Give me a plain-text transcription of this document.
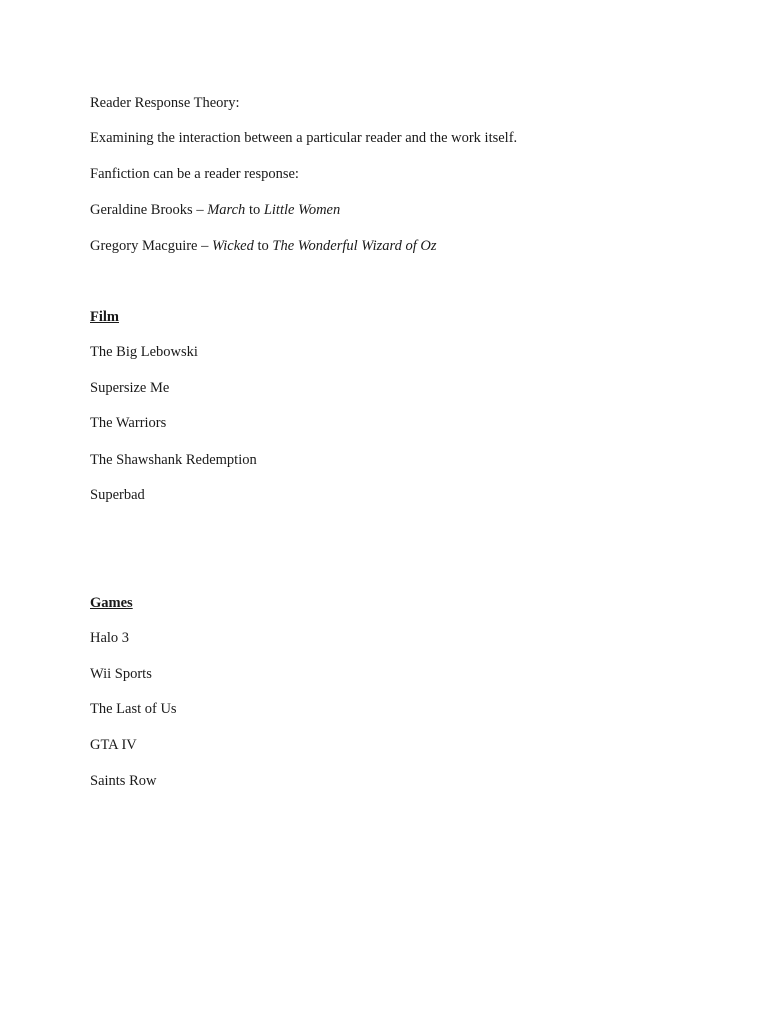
Reader Response Theory:
Examining the interaction between a particular reader and the work itself.
Fanfiction can be a reader response:
Geraldine Brooks – March to Little Women
Gregory Macguire – Wicked to The Wonderful Wizard of Oz
Film
The Big Lebowski
Supersize Me
The Warriors
The Shawshank Redemption
Superbad
Games
Halo 3
Wii Sports
The Last of Us
GTA IV
Saints Row
